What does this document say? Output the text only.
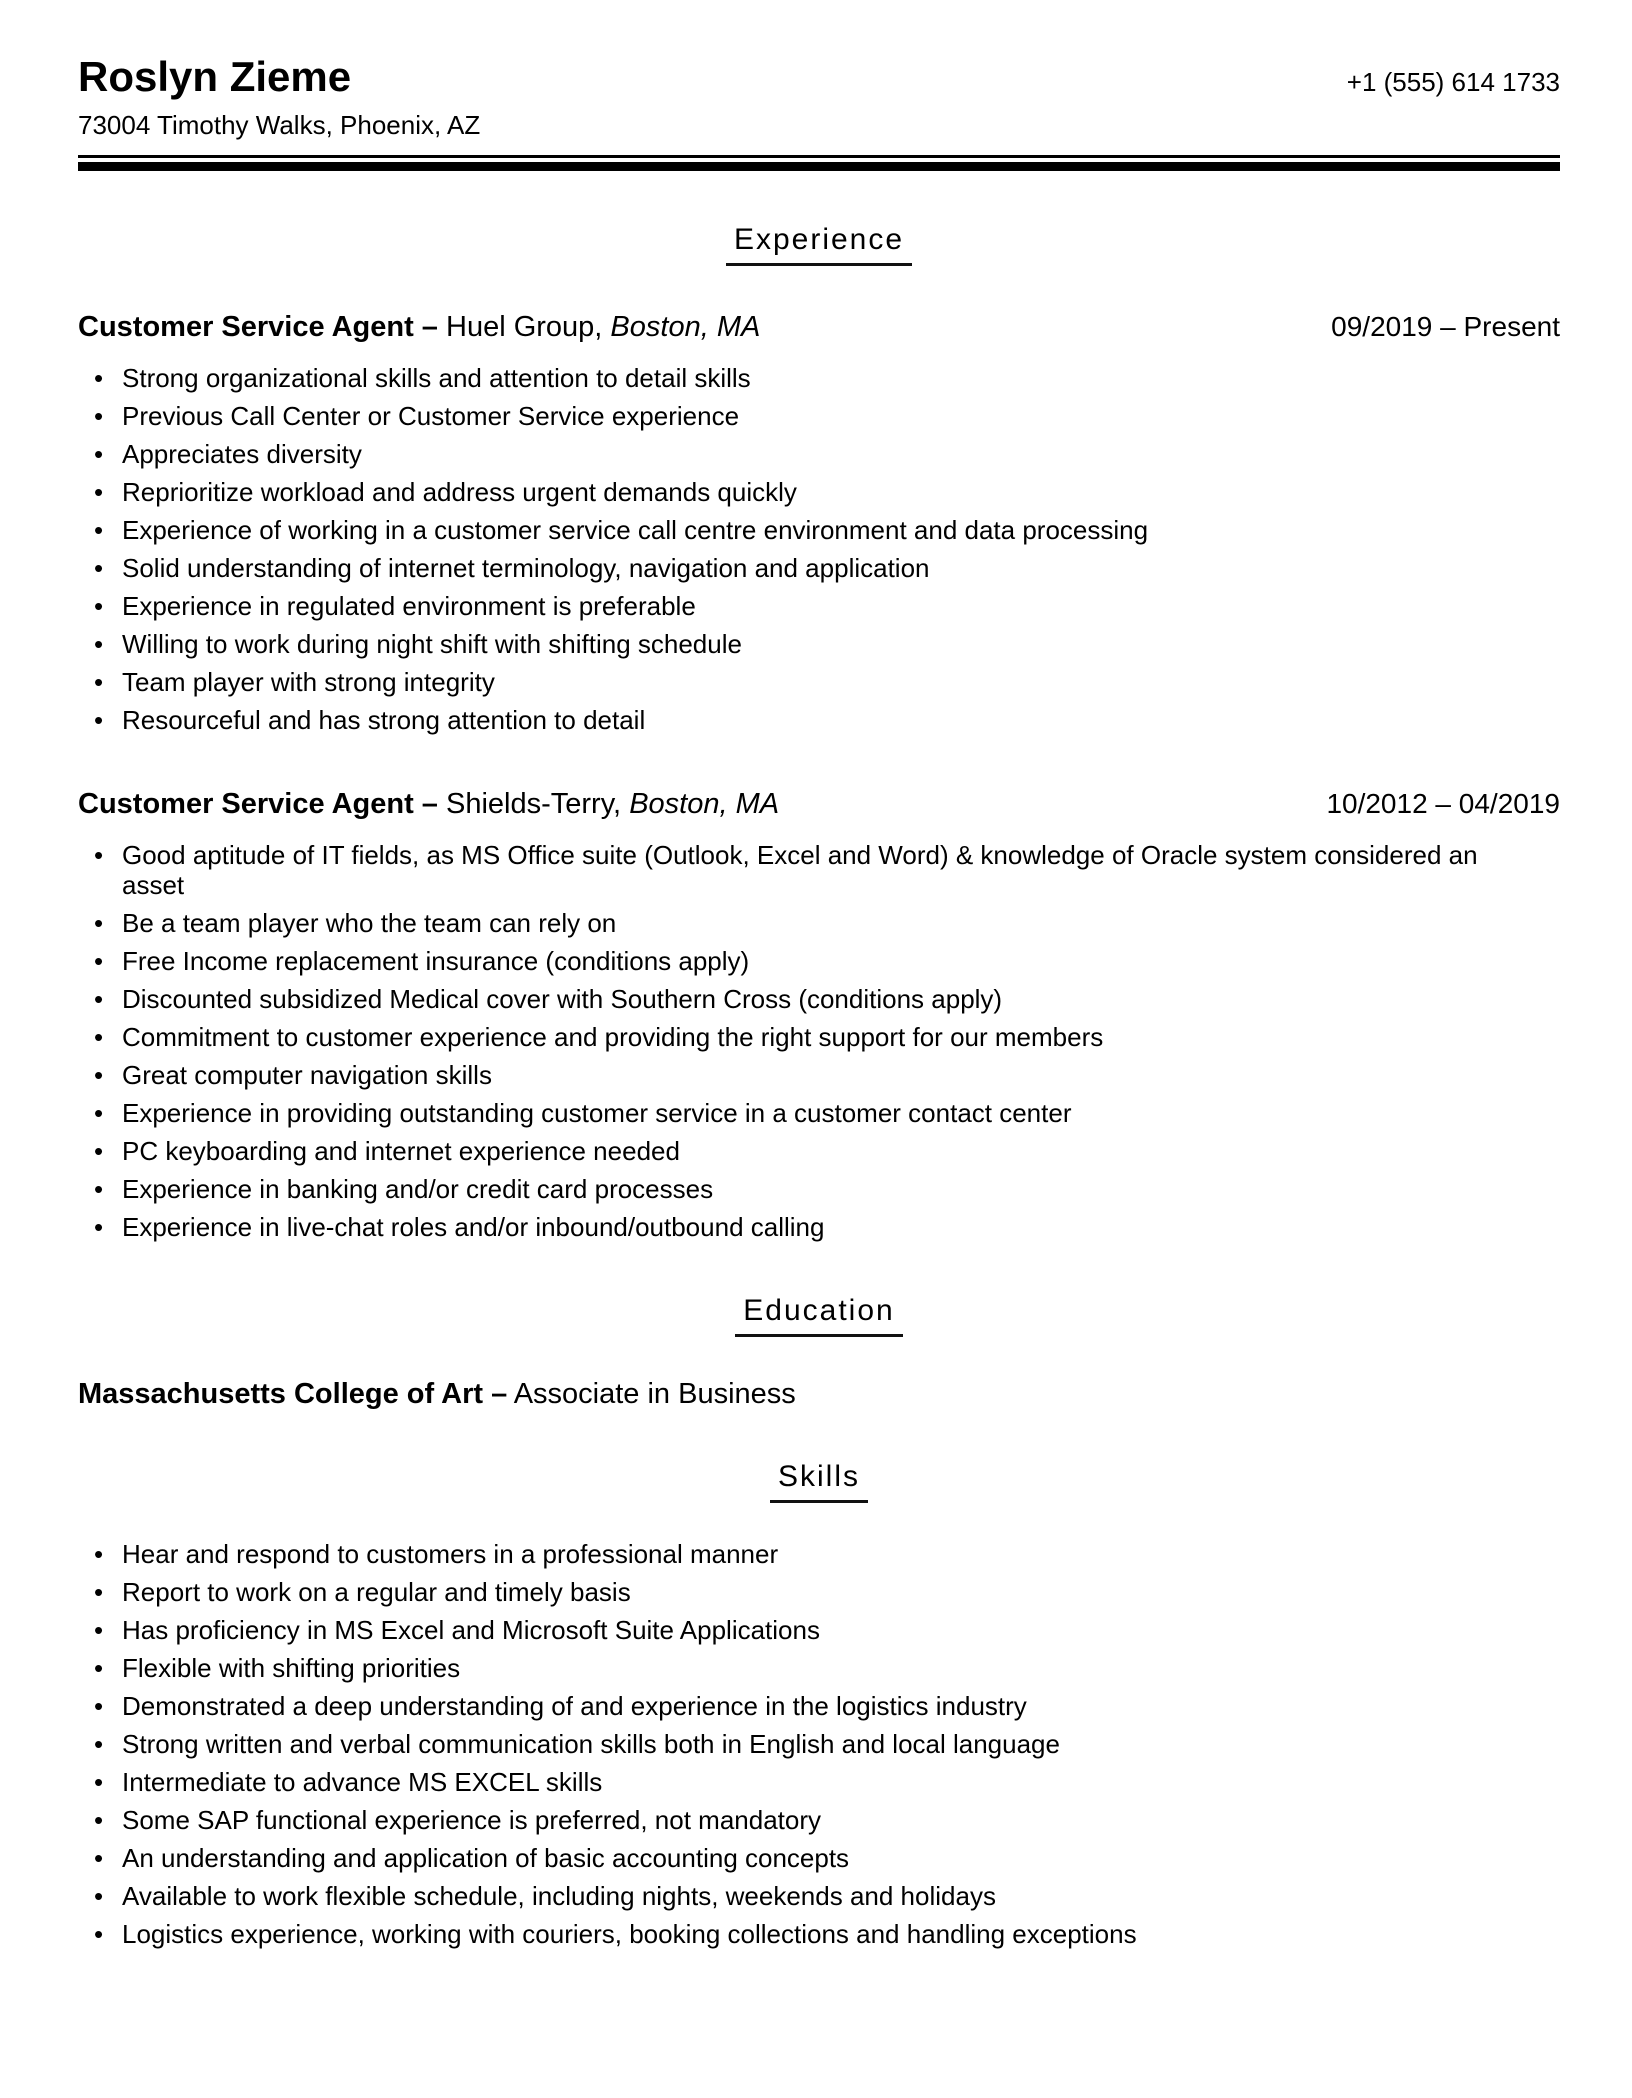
Roslyn Zieme	+1 (555) 614 1733
73004 Timothy Walks, Phoenix, AZ
Experience
Customer Service Agent – Huel Group, Boston, MA	09/2019 – Present
• Strong organizational skills and attention to detail skills
• Previous Call Center or Customer Service experience
• Appreciates diversity
• Reprioritize workload and address urgent demands quickly
• Experience of working in a customer service call centre environment and data processing
• Solid understanding of internet terminology, navigation and application
• Experience in regulated environment is preferable
• Willing to work during night shift with shifting schedule
• Team player with strong integrity
• Resourceful and has strong attention to detail
Customer Service Agent – Shields-Terry, Boston, MA	10/2012 – 04/2019
• Good aptitude of IT fields, as MS Office suite (Outlook, Excel and Word) & knowledge of Oracle system considered an asset
• Be a team player who the team can rely on
• Free Income replacement insurance (conditions apply)
• Discounted subsidized Medical cover with Southern Cross (conditions apply)
• Commitment to customer experience and providing the right support for our members
• Great computer navigation skills
• Experience in providing outstanding customer service in a customer contact center
• PC keyboarding and internet experience needed
• Experience in banking and/or credit card processes
• Experience in live-chat roles and/or inbound/outbound calling
Education
Massachusetts College of Art – Associate in Business
Skills
• Hear and respond to customers in a professional manner
• Report to work on a regular and timely basis
• Has proficiency in MS Excel and Microsoft Suite Applications
• Flexible with shifting priorities
• Demonstrated a deep understanding of and experience in the logistics industry
• Strong written and verbal communication skills both in English and local language
• Intermediate to advance MS EXCEL skills
• Some SAP functional experience is preferred, not mandatory
• An understanding and application of basic accounting concepts
• Available to work flexible schedule, including nights, weekends and holidays
• Logistics experience, working with couriers, booking collections and handling exceptions
